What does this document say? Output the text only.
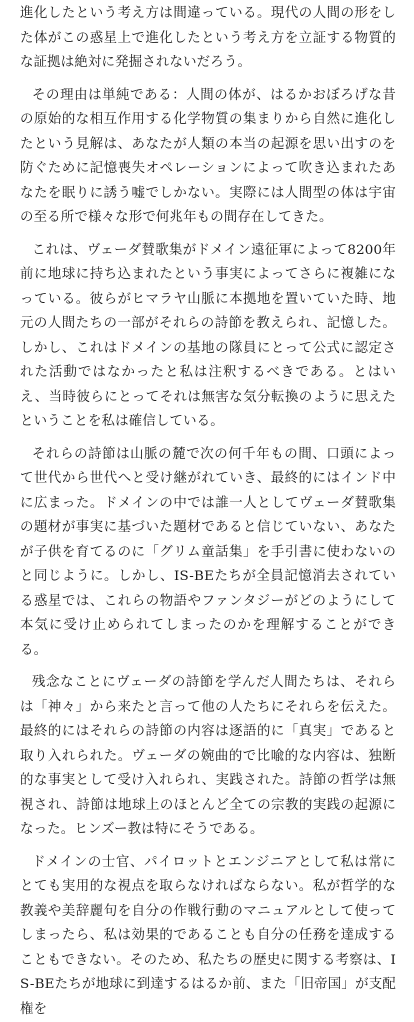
進化したという考え方は間違っている。現代の人間の形をした体がこの惑星上で進化したという考え方を立証する物質的な証拠は絶対に発掘されないだろう。

その理由は単純である：人間の体が、はるかおぼろげな昔の原始的な相互作用する化学物質の集まりから自然に進化したという見解は、あなたが人類の本当の起源を思い出すのを防ぐために記憶喪失オペレーションによって吹き込まれたあなたを眠りに誘う嘘でしかない。実際には人間型の体は宇宙の至る所で様々な形で何兆年もの間存在してきた。

これは、ヴェーダ賛歌集がドメイン遠征軍によって8200年前に地球に持ち込まれたという事実によってさらに複雑になっている。彼らがヒマラヤ山脈に本拠地を置いていた時、地元の人間たちの一部がそれらの詩節を教えられ、記憶した。しかし、これはドメインの基地の隊員にとって公式に認定された活動ではなかったと私は注釈するべきである。とはいえ、当時彼らにとってそれは無害な気分転換のように思えたということを私は確信している。

それらの詩節は山脈の麓で次の何千年もの間、口頭によって世代から世代へと受け継がれていき、最終的にはインド中に広まった。ドメインの中では誰一人としてヴェーダ賛歌集の題材が事実に基づいた題材であると信じていない、あなたが子供を育てるのに「グリム童話集」を手引書に使わないのと同じように。しかし、IS-BEたちが全員記憶消去されている惑星では、これらの物語やファンタジーがどのようにして本気に受け止められてしまったのかを理解することができる。

残念なことにヴェーダの詩節を学んだ人間たちは、それらは「神々」から来たと言って他の人たちにそれらを伝えた。最終的にはそれらの詩節の内容は逐語的に「真実」であると取り入れられた。ヴェーダの婉曲的で比喩的な内容は、独断的な事実として受け入れられ、実践された。詩節の哲学は無視され、詩節は地球上のほとんど全ての宗教的実践の起源になった。ヒンズー教は特にそうである。

ドメインの士官、パイロットとエンジニアとして私は常にとても実用的な視点を取らなければならない。私が哲学的な教義や美辞麗句を自分の作戦行動のマニュアルとして使ってしまったら、私は効果的であることも自分の任務を達成することもできない。そのため、私たちの歴史に関する考察は、IS-BEたちが地球に到達するはるか前、また「旧帝国」が支配権を
